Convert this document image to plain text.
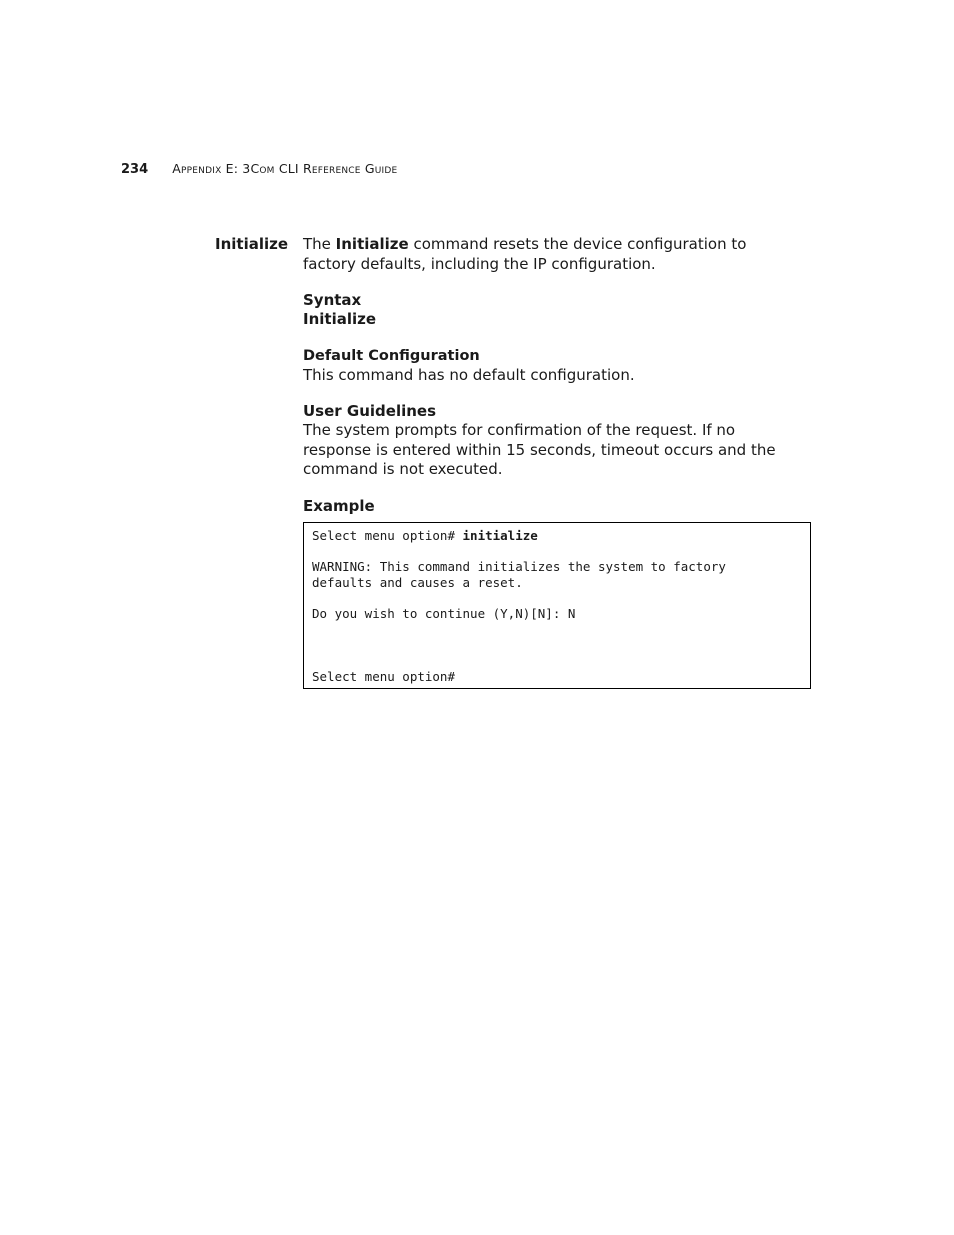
234 Appendix E: 3Com CLI Reference Guide
Initialize The Initialize command resets the device configuration to factory defaults, including the IP configuration.

Syntax

Initialize

Default Configuration

This command has no default configuration.

User Guidelines

The system prompts for confirmation of the request. If no response is entered within 15 seconds, timeout occurs and the command is not executed.

Example
Select menu option# initialize
WARNING: This command initializes the system to factory
defaults and causes a reset.
Do you wish to continue (Y,N)[N]: N
Select menu option#
